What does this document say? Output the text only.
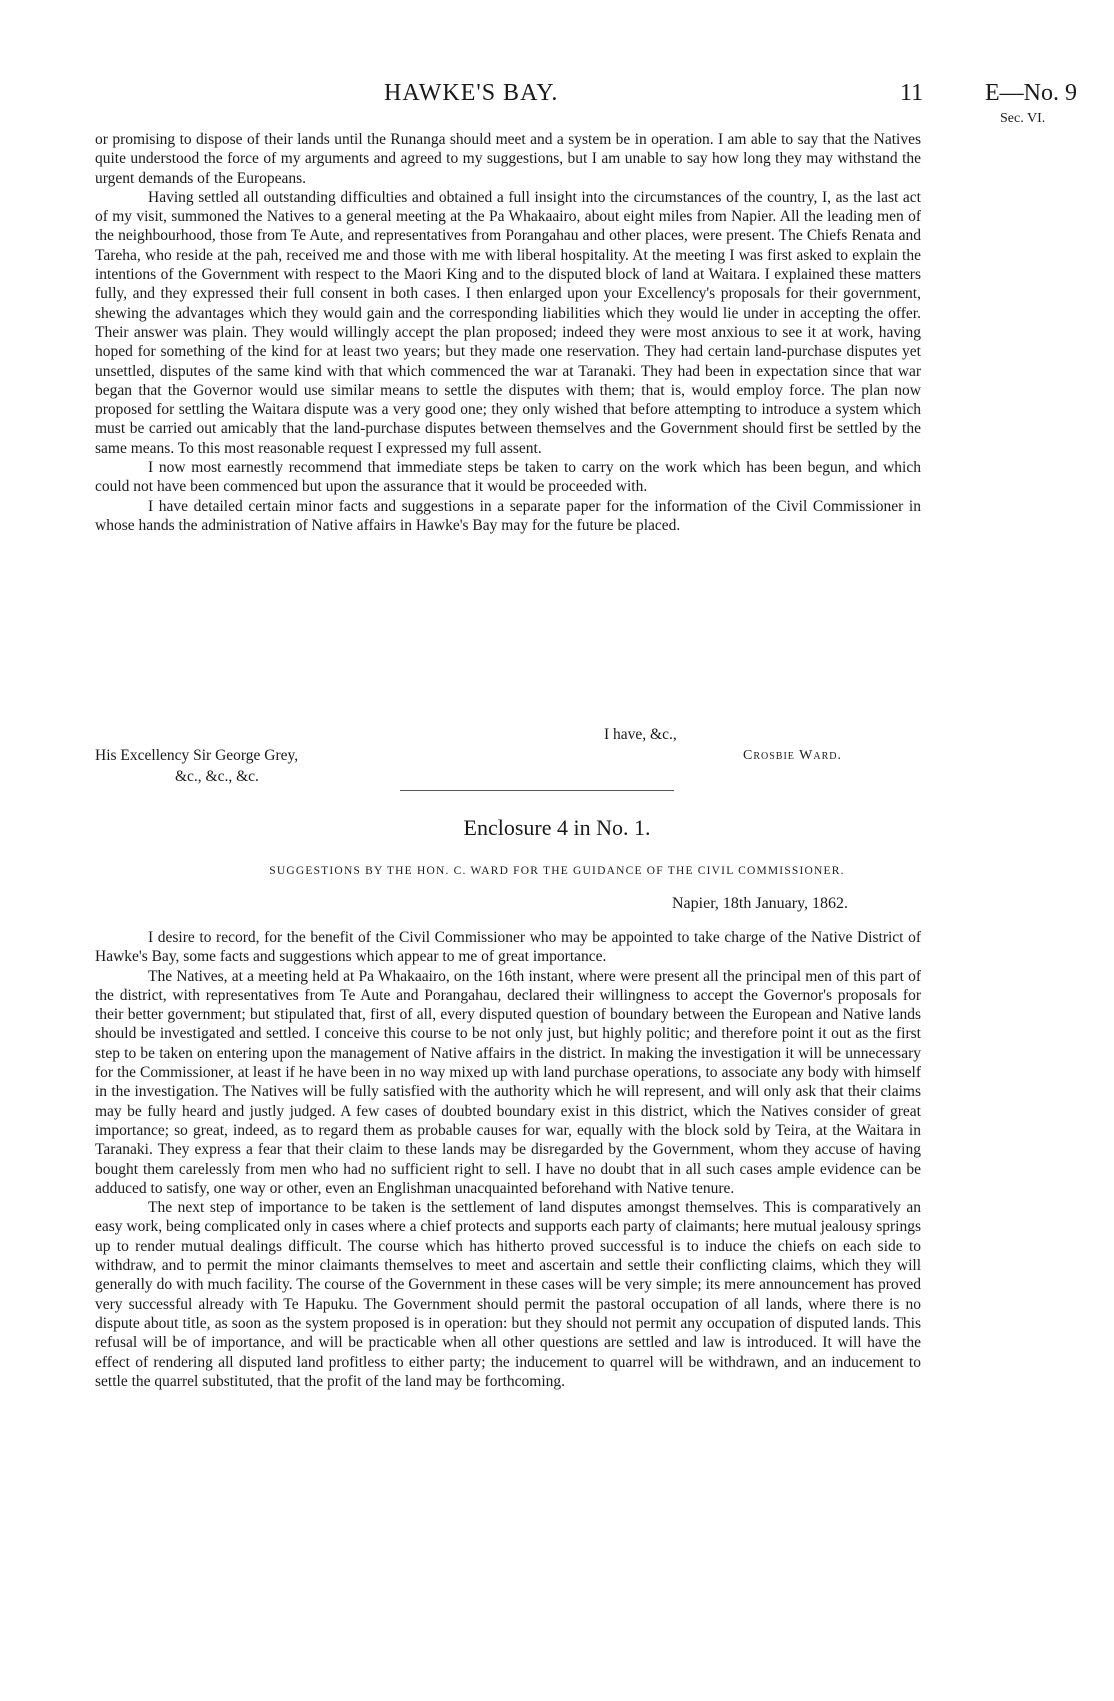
HAWKE'S BAY.	11	E—No. 9
Sec. VI.

or promising to dispose of their lands until the Runanga should meet and a system be in operation. I am able to say that the Natives quite understood the force of my arguments and agreed to my suggestions, but I am unable to say how long they may withstand the urgent demands of the Europeans.

Having settled all outstanding difficulties and obtained a full insight into the circumstances of the country, I, as the last act of my visit, summoned the Natives to a general meeting at the Pa Whakaairo, about eight miles from Napier. All the leading men of the neighbourhood, those from Te Aute, and representatives from Porangahau and other places, were present. The Chiefs Renata and Tareha, who reside at the pah, received me and those with me with liberal hospitality. At the meeting I was first asked to explain the intentions of the Government with respect to the Maori King and to the disputed block of land at Waitara. I explained these matters fully, and they expressed their full consent in both cases. I then enlarged upon your Excellency's proposals for their government, shewing the advantages which they would gain and the corresponding liabilities which they would lie under in accepting the offer. Their answer was plain. They would willingly accept the plan proposed; indeed they were most anxious to see it at work, having hoped for something of the kind for at least two years; but they made one reservation. They had certain land-purchase disputes yet unsettled, disputes of the same kind with that which commenced the war at Taranaki. They had been in expectation since that war began that the Governor would use similar means to settle the disputes with them; that is, would employ force. The plan now proposed for settling the Waitara dispute was a very good one; they only wished that before attempting to introduce a system which must be carried out amicably that the land-purchase disputes between themselves and the Government should first be settled by the same means. To this most reasonable request I expressed my full assent.

I now most earnestly recommend that immediate steps be taken to carry on the work which has been begun, and which could not have been commenced but upon the assurance that it would be proceeded with.

I have detailed certain minor facts and suggestions in a separate paper for the information of the Civil Commissioner in whose hands the administration of Native affairs in Hawke's Bay may for the future be placed.

I have, &c.,
His Excellency Sir George Grey,	Crosbie Ward.
&c., &c., &c.
Enclosure 4 in No. 1.
SUGGESTIONS BY THE HON. C. WARD FOR THE GUIDANCE OF THE CIVIL COMMISSIONER.
Napier, 18th January, 1862.

I desire to record, for the benefit of the Civil Commissioner who may be appointed to take charge of the Native District of Hawke's Bay, some facts and suggestions which appear to me of great importance.

The Natives, at a meeting held at Pa Whakaairo, on the 16th instant, where were present all the principal men of this part of the district, with representatives from Te Aute and Porangahau, declared their willingness to accept the Governor's proposals for their better government; but stipulated that, first of all, every disputed question of boundary between the European and Native lands should be investigated and settled. I conceive this course to be not only just, but highly politic; and therefore point it out as the first step to be taken on entering upon the management of Native affairs in the district. In making the investigation it will be unnecessary for the Commissioner, at least if he have been in no way mixed up with land purchase operations, to associate any body with himself in the investigation. The Natives will be fully satisfied with the authority which he will represent, and will only ask that their claims may be fully heard and justly judged. A few cases of doubted boundary exist in this district, which the Natives consider of great importance; so great, indeed, as to regard them as probable causes for war, equally with the block sold by Teira, at the Waitara in Taranaki. They express a fear that their claim to these lands may be disregarded by the Government, whom they accuse of having bought them carelessly from men who had no sufficient right to sell. I have no doubt that in all such cases ample evidence can be adduced to satisfy, one way or other, even an Englishman unacquainted beforehand with Native tenure.

The next step of importance to be taken is the settlement of land disputes amongst themselves. This is comparatively an easy work, being complicated only in cases where a chief protects and supports each party of claimants; here mutual jealousy springs up to render mutual dealings difficult. The course which has hitherto proved successful is to induce the chiefs on each side to withdraw, and to permit the minor claimants themselves to meet and ascertain and settle their conflicting claims, which they will generally do with much facility. The course of the Government in these cases will be very simple; its mere announcement has proved very successful already with Te Hapuku. The Government should permit the pastoral occupation of all lands, where there is no dispute about title, as soon as the system proposed is in operation: but they should not permit any occupation of disputed lands. This refusal will be of importance, and will be practicable when all other questions are settled and law is introduced. It will have the effect of rendering all disputed land profitless to either party; the inducement to quarrel will be withdrawn, and an inducement to settle the quarrel substituted, that the profit of the land may be forthcoming.
